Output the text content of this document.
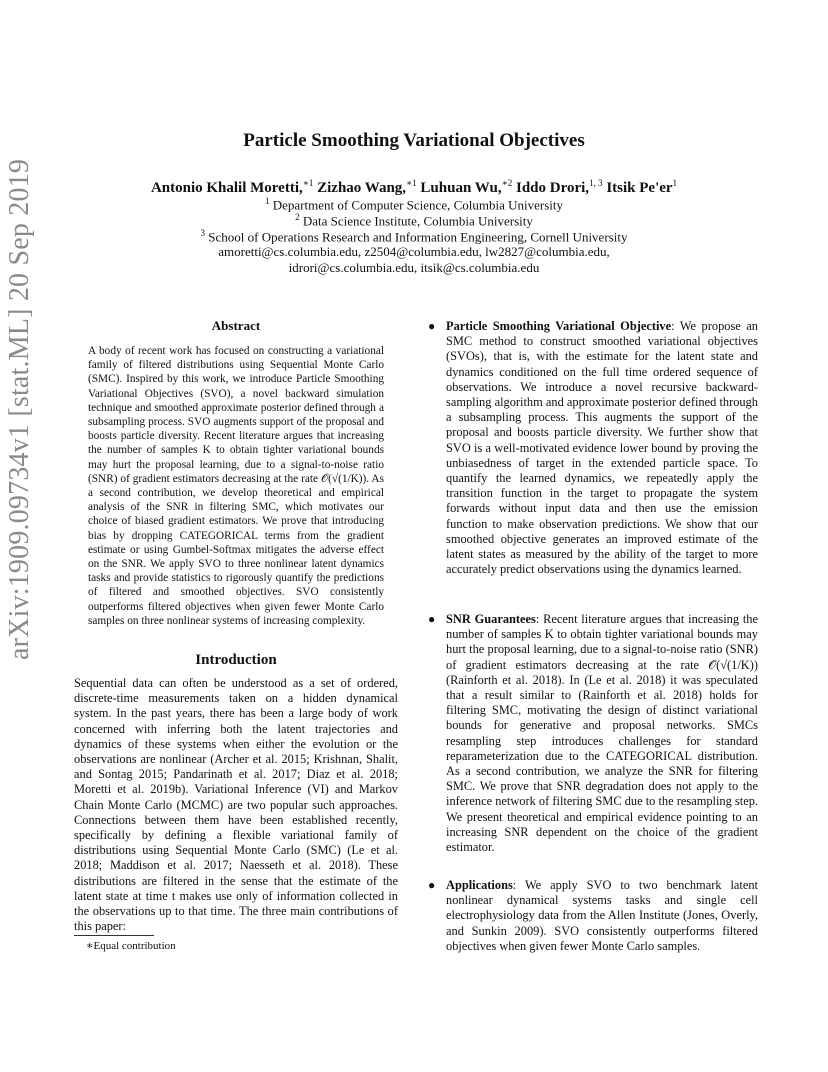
arXiv:1909.09734v1 [stat.ML] 20 Sep 2019
Particle Smoothing Variational Objectives
Antonio Khalil Moretti,$^{∗1}$ Zizhao Wang,$^{∗1}$ Luhuan Wu,$^{∗2}$ Iddo Drori,$^{1, 3}$ Itsik $Pe'er^1$
$^1$ Department of Computer Science, Columbia University
$^2$ Data Science Institute, Columbia University
$^3$ School of Operations Research and Information Engineering, Cornell University
amoretti@cs.columbia.edu, z2504@columbia.edu, lw2827@columbia.edu,
idrori@cs.columbia.edu, itsik@cs.columbia.edu
Abstract
A body of recent work has focused on constructing a variational family of filtered distributions using Sequential Monte Carlo (SMC). Inspired by this work, we introduce Particle Smoothing Variational Objectives (SVO), a novel backward simulation technique and smoothed approximate posterior defined through a subsampling process. SVO augments support of the proposal and boosts particle diversity. Recent literature argues that increasing the number of samples K to obtain tighter variational bounds may hurt the proposal learning, due to a signal-to-noise ratio (SNR) of gradient estimators decreasing at the rate 𝒪(√(1/K)). As a second contribution, we develop theoretical and empirical analysis of the SNR in filtering SMC, which motivates our choice of biased gradient estimators. We prove that introducing bias by dropping CATEGORICAL terms from the gradient estimate or using Gumbel-Softmax mitigates the adverse effect on the SNR. We apply SVO to three nonlinear latent dynamics tasks and provide statistics to rigorously quantify the predictions of filtered and smoothed objectives. SVO consistently outperforms filtered objectives when given fewer Monte Carlo samples on three nonlinear systems of increasing complexity.
Introduction
Sequential data can often be understood as a set of ordered, discrete-time measurements taken on a hidden dynamical system. In the past years, there has been a large body of work concerned with inferring both the latent trajectories and dynamics of these systems when either the evolution or the observations are nonlinear (Archer et al. 2015; Krishnan, Shalit, and Sontag 2015; Pandarinath et al. 2017; Diaz et al. 2018; Moretti et al. 2019b). Variational Inference (VI) and Markov Chain Monte Carlo (MCMC) are two popular such approaches. Connections between them have been established recently, specifically by defining a flexible variational family of distributions using Sequential Monte Carlo (SMC) (Le et al. 2018; Maddison et al. 2017; Naesseth et al. 2018). These distributions are filtered in the sense that the estimate of the latent state at time t makes use only of information collected in the observations up to that time. The three main contributions of this paper:
∗Equal contribution
● Particle Smoothing Variational Objective: We propose an SMC method to construct smoothed variational objectives (SVOs), that is, with the estimate for the latent state and dynamics conditioned on the full time ordered sequence of observations. We introduce a novel recursive backward-sampling algorithm and approximate posterior defined through a subsampling process. This augments the support of the proposal and boosts particle diversity. We further show that SVO is a well-motivated evidence lower bound by proving the unbiasedness of target in the extended particle space. To quantify the learned dynamics, we repeatedly apply the transition function in the target to propagate the system forwards without input data and then use the emission function to make observation predictions. We show that our smoothed objective generates an improved estimate of the latent states as measured by the ability of the target to more accurately predict observations using the dynamics learned.
● SNR Guarantees: Recent literature argues that increasing the number of samples K to obtain tighter variational bounds may hurt the proposal learning, due to a signal-to-noise ratio (SNR) of gradient estimators decreasing at the rate 𝒪(√(1/K)) (Rainforth et al. 2018). In (Le et al. 2018) it was speculated that a result similar to (Rainforth et al. 2018) holds for filtering SMC, motivating the design of distinct variational bounds for generative and proposal networks. SMCs resampling step introduces challenges for standard reparameterization due to the CATEGORICAL distribution. As a second contribution, we analyze the SNR for filtering SMC. We prove that SNR degradation does not apply to the inference network of filtering SMC due to the resampling step. We present theoretical and empirical evidence pointing to an increasing SNR dependent on the choice of the gradient estimator.
● Applications: We apply SVO to two benchmark latent nonlinear dynamical systems tasks and single cell electrophysiology data from the Allen Institute (Jones, Overly, and Sunkin 2009). SVO consistently outperforms filtered objectives when given fewer Monte Carlo samples.
